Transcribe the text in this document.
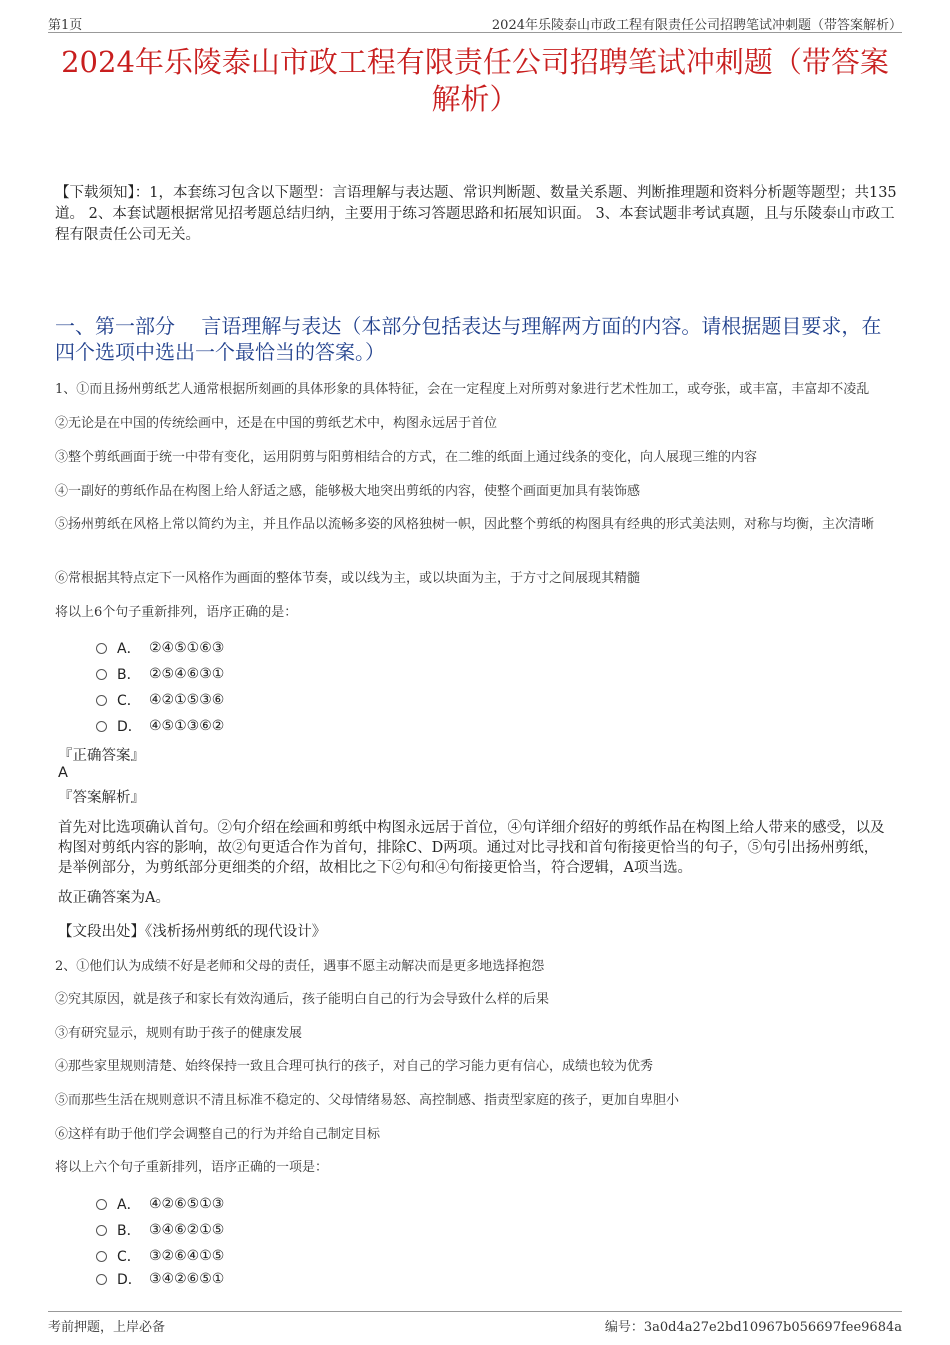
第1页	2024年乐陵泰山市政工程有限责任公司招聘笔试冲刺题（带答案解析）
2024年乐陵泰山市政工程有限责任公司招聘笔试冲刺题（带答案解析）
【下载须知】：1，本套练习包含以下题型：言语理解与表达题、常识判断题、数量关系题、判断推理题和资料分析题等题型；共135道。 2、本套试题根据常见招考题总结归纳，主要用于练习答题思路和拓展知识面。 3、本套试题非考试真题，且与乐陵泰山市政工程有限责任公司无关。
一、第一部分　 言语理解与表达（本部分包括表达与理解两方面的内容。请根据题目要求，在四个选项中选出一个最恰当的答案。）
1、①而且扬州剪纸艺人通常根据所刻画的具体形象的具体特征，会在一定程度上对所剪对象进行艺术性加工，或夸张，或丰富，丰富却不凌乱
②无论是在中国的传统绘画中，还是在中国的剪纸艺术中，构图永远居于首位
③整个剪纸画面于统一中带有变化，运用阴剪与阳剪相结合的方式，在二维的纸面上通过线条的变化，向人展现三维的内容
④一副好的剪纸作品在构图上给人舒适之感，能够极大地突出剪纸的内容，使整个画面更加具有装饰感
⑤扬州剪纸在风格上常以简约为主，并且作品以流畅多姿的风格独树一帜，因此整个剪纸的构图具有经典的形式美法则，对称与均衡，主次清晰
⑥常根据其特点定下一风格作为画面的整体节奏，或以线为主，或以块面为主，于方寸之间展现其精髓
将以上6个句子重新排列，语序正确的是：
A． ②④⑤①⑥③
B． ②⑤④⑥③①
C． ④②①⑤③⑥
D． ④⑤①③⑥②
『正确答案』
A
『答案解析』
首先对比选项确认首句。②句介绍在绘画和剪纸中构图永远居于首位，④句详细介绍好的剪纸作品在构图上给人带来的感受，以及构图对剪纸内容的影响，故②句更适合作为首句，排除C、D两项。通过对比寻找和首句衔接更恰当的句子，⑤句引出扬州剪纸，是举例部分，为剪纸部分更细类的介绍，故相比之下②句和④句衔接更恰当，符合逻辑，A项当选。
故正确答案为A。
【文段出处】《浅析扬州剪纸的现代设计》
2、①他们认为成绩不好是老师和父母的责任，遇事不愿主动解决而是更多地选择抱怨
②究其原因，就是孩子和家长有效沟通后，孩子能明白自己的行为会导致什么样的后果
③有研究显示，规则有助于孩子的健康发展
④那些家里规则清楚、始终保持一致且合理可执行的孩子，对自己的学习能力更有信心，成绩也较为优秀
⑤而那些生活在规则意识不清且标准不稳定的、父母情绪易怒、高控制感、指责型家庭的孩子，更加自卑胆小
⑥这样有助于他们学会调整自己的行为并给自己制定目标
将以上六个句子重新排列，语序正确的一项是：
A． ④②⑥⑤①③
B． ③④⑥②①⑤
C． ③②⑥④①⑤
D． ③④②⑥⑤①
考前押题，上岸必备	编号：3a0d4a27e2bd10967b056697fee9684a
